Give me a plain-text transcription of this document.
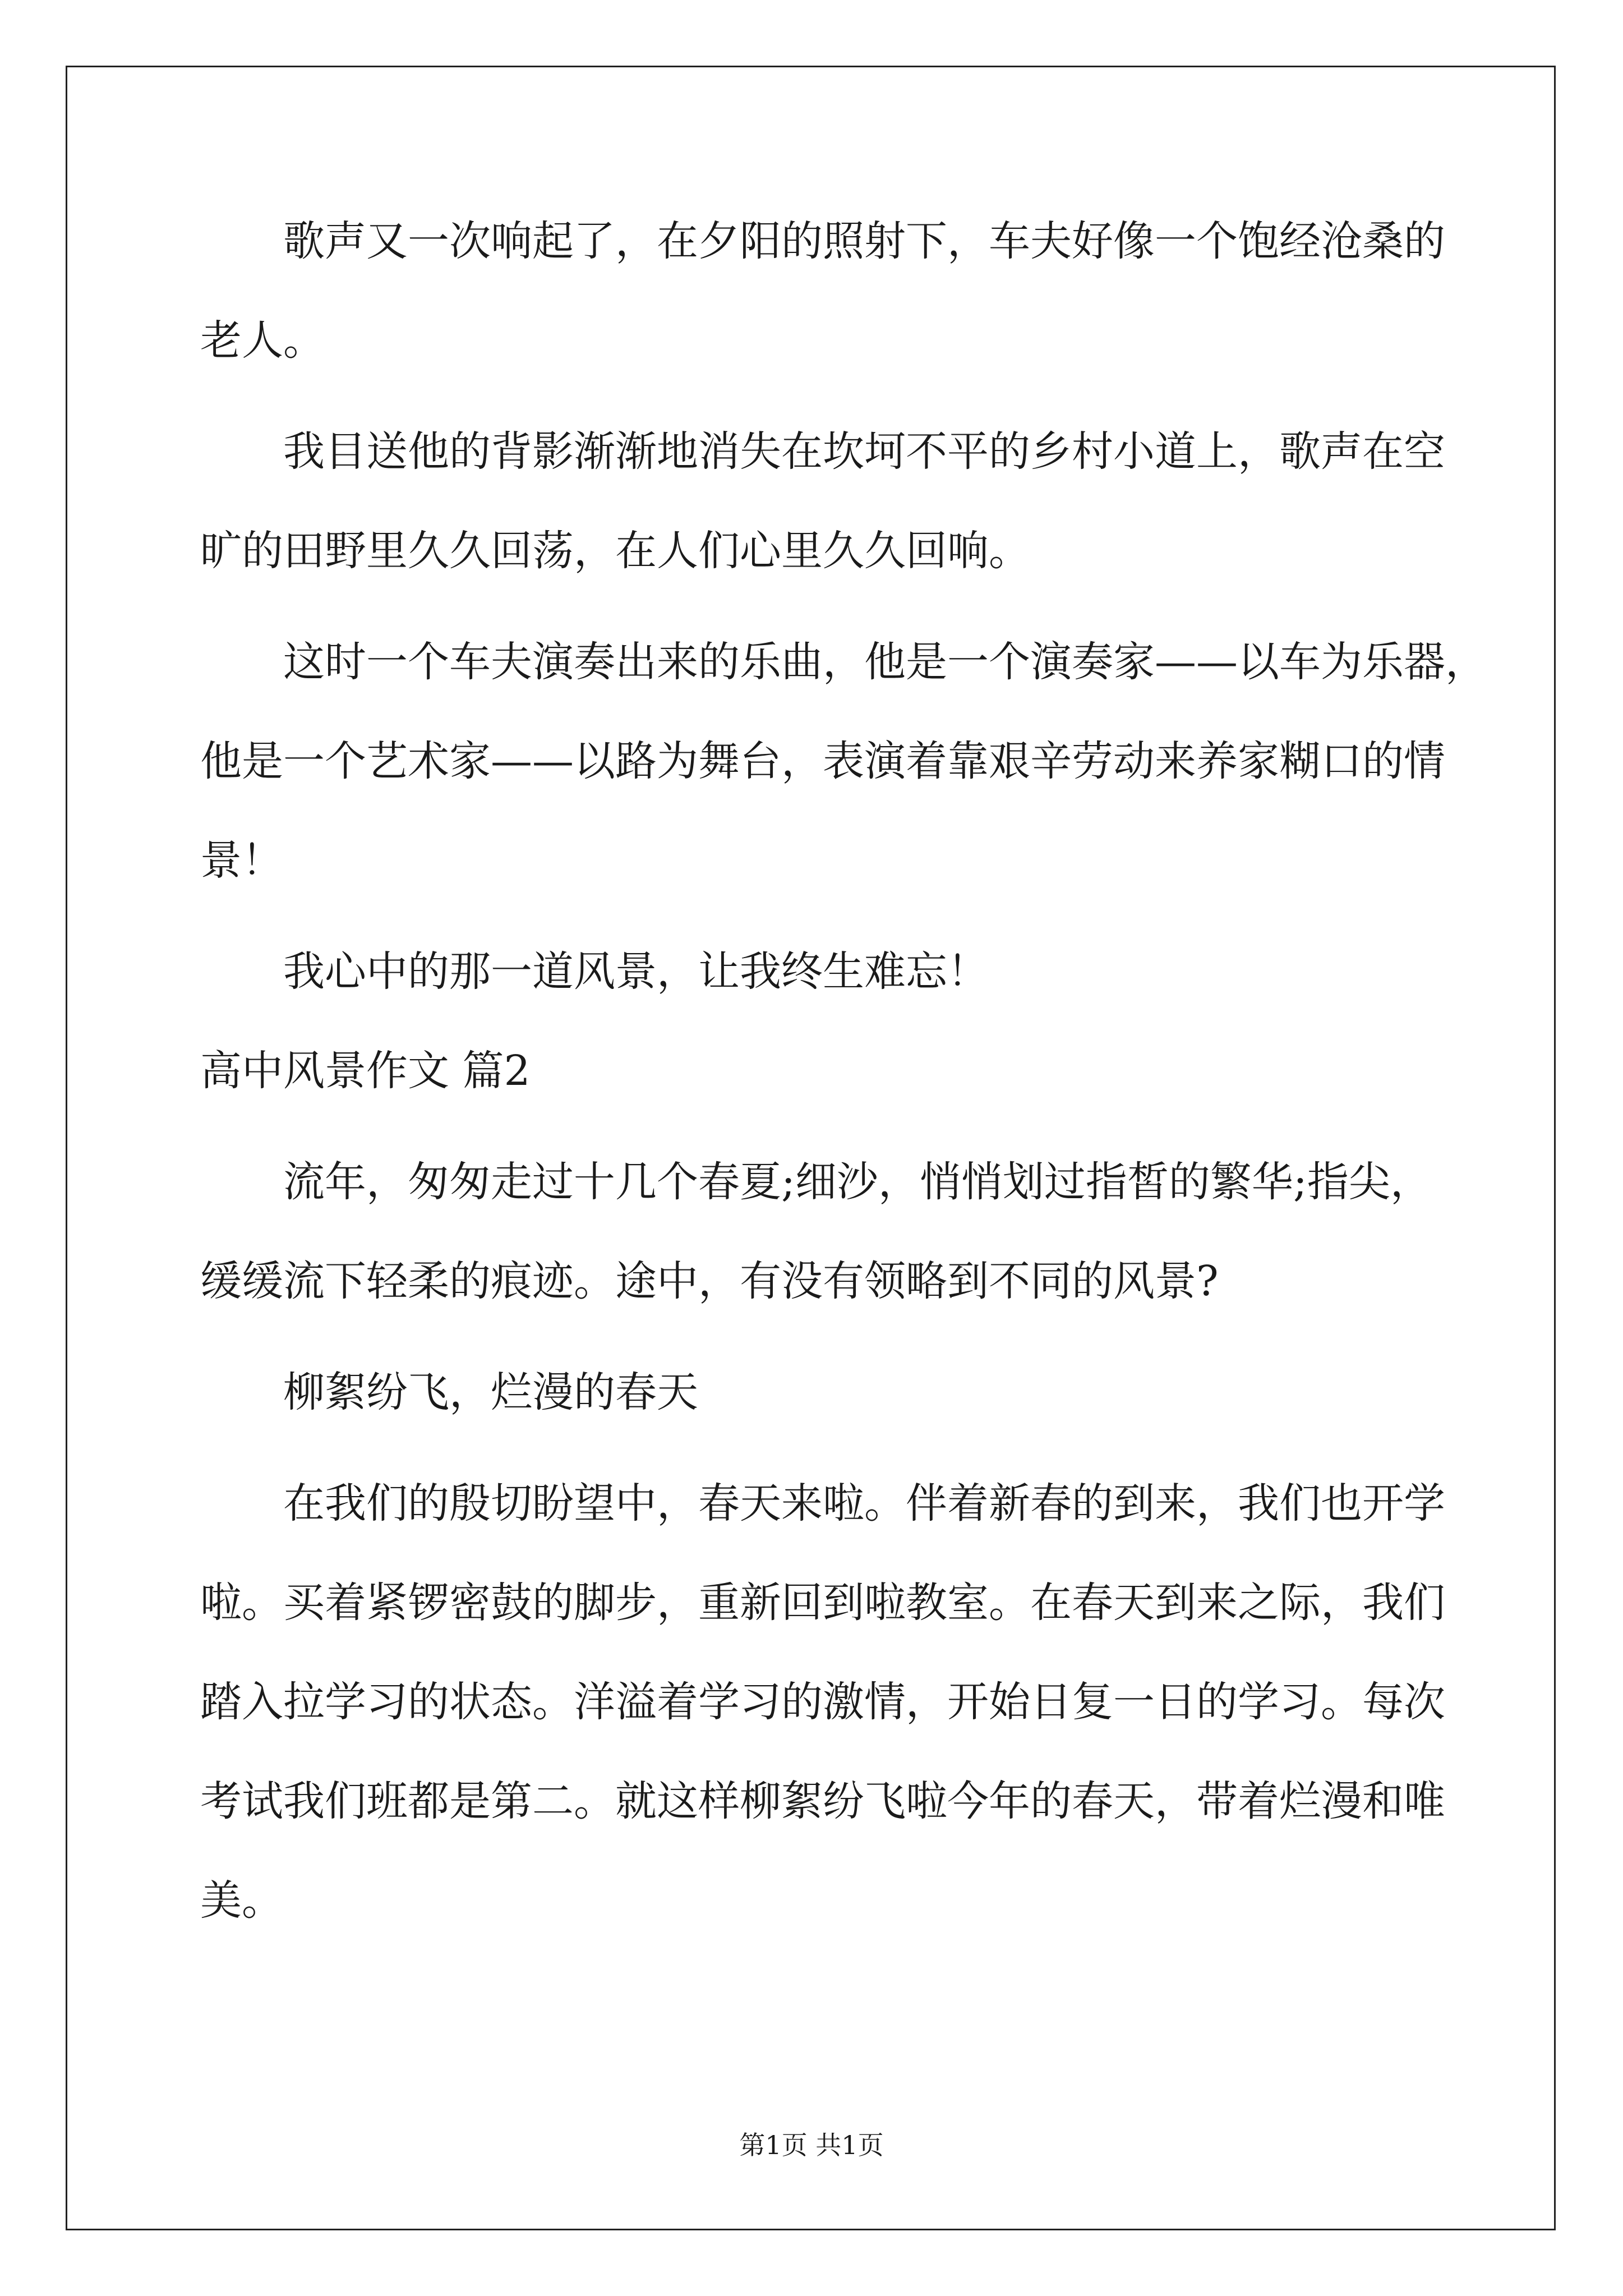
歌声又一次响起了，在夕阳的照射下，车夫好像一个饱经沧桑的
老人。
我目送他的背影渐渐地消失在坎坷不平的乡村小道上，歌声在空
旷的田野里久久回荡，在人们心里久久回响。
这时一个车夫演奏出来的乐曲，他是一个演奏家——以车为乐器，
他是一个艺术家——以路为舞台，表演着靠艰辛劳动来养家糊口的情
景！
我心中的那一道风景，让我终生难忘！
高中风景作文 篇2
流年，匆匆走过十几个春夏;细沙，悄悄划过指皙的繁华;指尖，
缓缓流下轻柔的痕迹。途中，有没有领略到不同的风景?
柳絮纷飞，烂漫的春天
在我们的殷切盼望中，春天来啦。伴着新春的到来，我们也开学
啦。买着紧锣密鼓的脚步，重新回到啦教室。在春天到来之际，我们
踏入拉学习的状态。洋溢着学习的激情，开始日复一日的学习。每次
考试我们班都是第二。就这样柳絮纷飞啦今年的春天，带着烂漫和唯
美。
第1页 共1页
